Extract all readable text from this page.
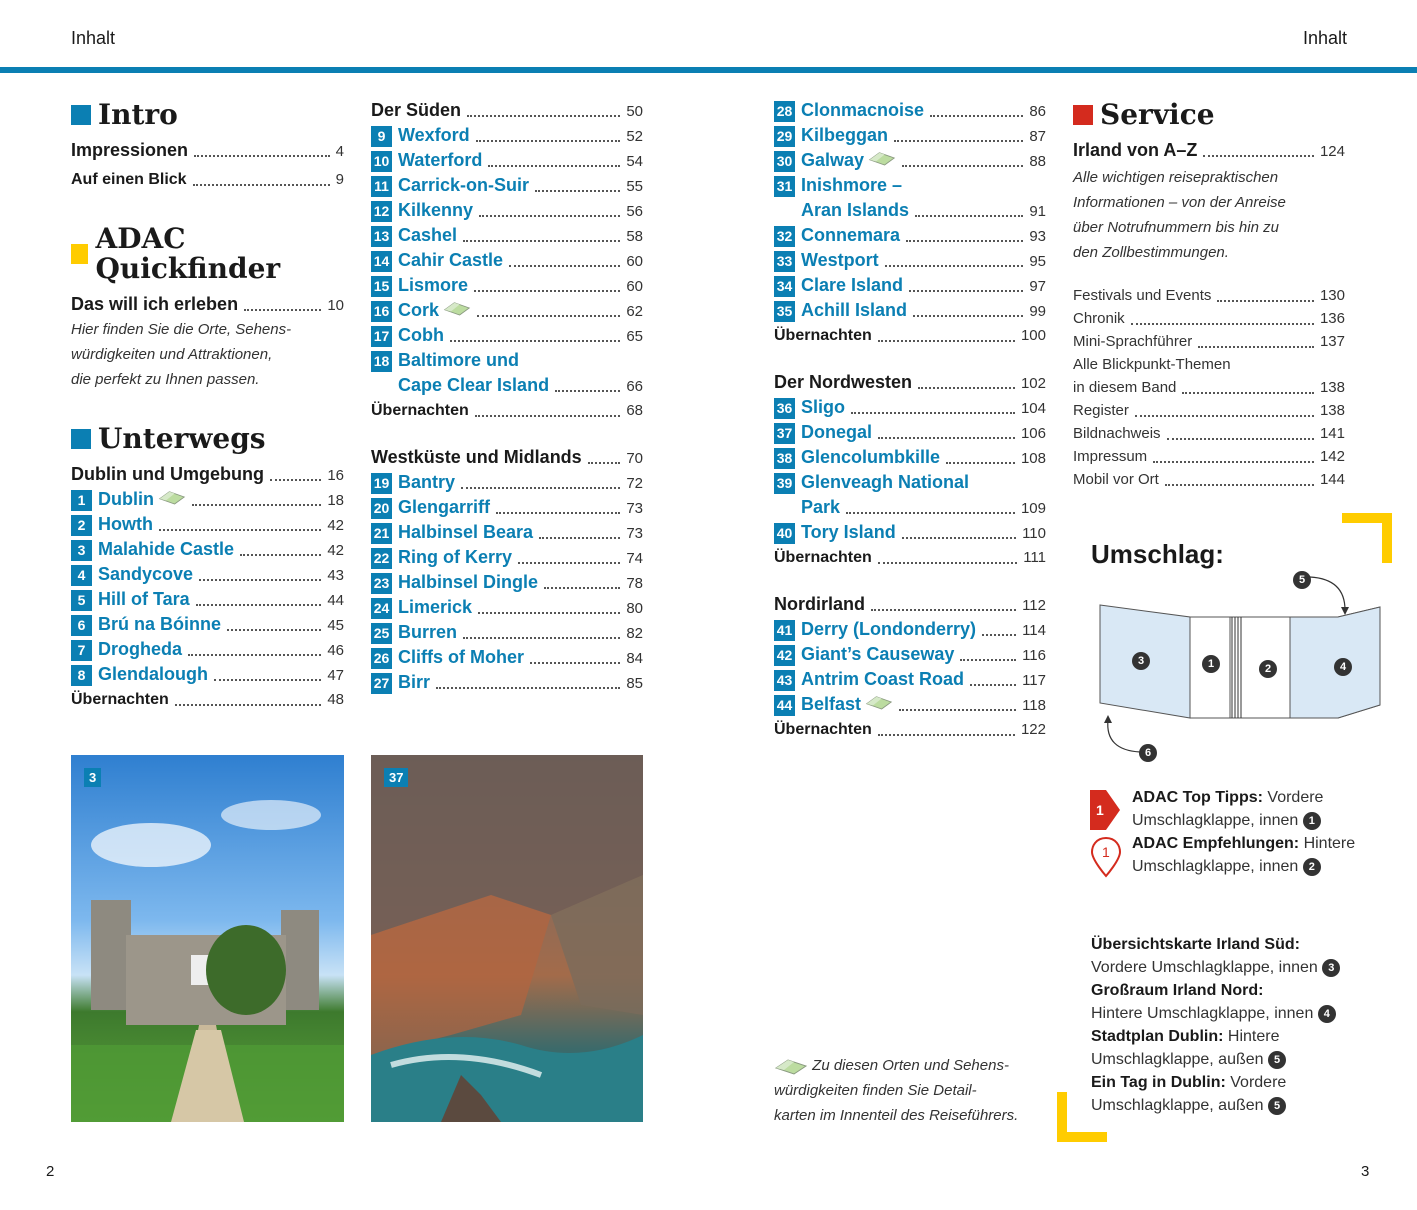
Inhalt	Inhalt
Intro
Impressionen	4
Auf einen Blick	9
ADAC Quickfinder
Das will ich erleben	10
Hier finden Sie die Orte, Sehens-
würdigkeiten und Attraktionen,
die perfekt zu Ihnen passen.
Unterwegs
Dublin und Umgebung	16
1 Dublin	18
2 Howth	42
3 Malahide Castle	42
4 Sandycove	43
5 Hill of Tara	44
6 Brú na Bóinne	45
7 Drogheda	46
8 Glendalough	47
Übernachten	48
Der Süden	50
9 Wexford	52
10 Waterford	54
11 Carrick-on-Suir	55
12 Kilkenny	56
13 Cashel	58
14 Cahir Castle	60
15 Lismore	60
16 Cork	62
17 Cobh	65
18 Baltimore und
Cape Clear Island	66
Übernachten	68
Westküste und Midlands	70
19 Bantry	72
20 Glengarriff	73
21 Halbinsel Beara	73
22 Ring of Kerry	74
23 Halbinsel Dingle	78
24 Limerick	80
25 Burren	82
26 Cliffs of Moher	84
27 Birr	85
28 Clonmacnoise	86
29 Kilbeggan	87
30 Galway	88
31 Inishmore –
Aran Islands	91
32 Connemara	93
33 Westport	95
34 Clare Island	97
35 Achill Island	99
Übernachten	100
Der Nordwesten	102
36 Sligo	104
37 Donegal	106
38 Glencolumbkille	108
39 Glenveagh National
Park	109
40 Tory Island	110
Übernachten	111
Nordirland	112
41 Derry (Londonderry)	114
42 Giant’s Causeway	116
43 Antrim Coast Road	117
44 Belfast	118
Übernachten	122
Zu diesen Orten und Sehens-
würdigkeiten finden Sie Detail-
karten im Innenteil des Reiseführers.
Service
Irland von A–Z	124
Alle wichtigen reisepraktischen
Informationen – von der Anreise
über Notrufnummern bis hin zu
den Zollbestimmungen.
Festivals und Events	130
Chronik	136
Mini-Sprachführer	137
Alle Blickpunkt-Themen
in diesem Band	138
Register	138
Bildnachweis	141
Impressum	142
Mobil vor Ort	144
Umschlag:
3	1	2	4
5
6
1
ADAC Top Tipps: Vordere
Umschlagklappe, innen 1
1 ADAC Empfehlungen: Hintere
Umschlagklappe, innen 2
Übersichtskarte Irland Süd:
Vordere Umschlagklappe, innen 3
Großraum Irland Nord:
Hintere Umschlagklappe, innen 4
Stadtplan Dublin: Hintere
Umschlagklappe, außen 5
Ein Tag in Dublin: Vordere
Umschlagklappe, außen 5
3	37
2	3
